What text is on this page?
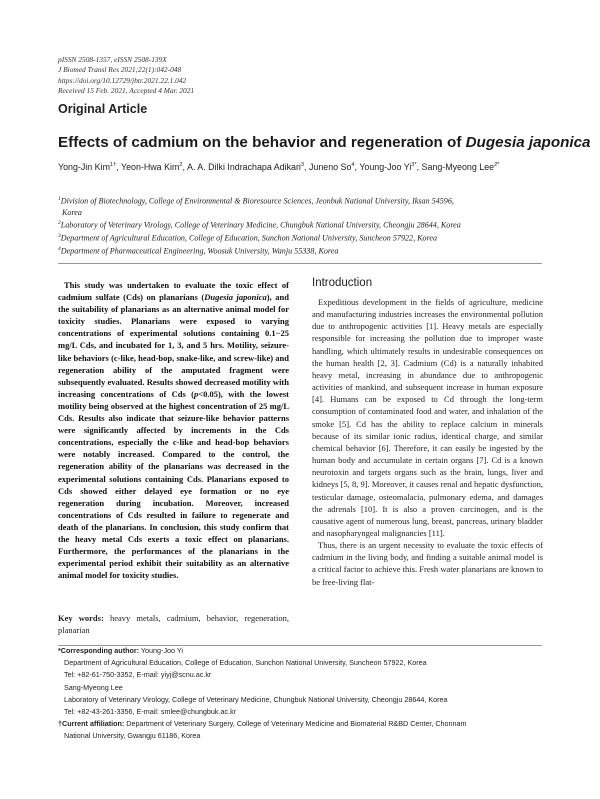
pISSN 2508-1357, eISSN 2508-139X
J Biomed Transl Res 2021;22(1):042-048
https://doi.org/10.12729/jbtr.2021.22.1.042
Received 15 Feb. 2021, Accepted 4 Mar. 2021
Original Article
Effects of cadmium on the behavior and regeneration of Dugesia japonica
Yong-Jin Kim$^{1\dagger}$, Yeon-Hwa Kim$^2$, A. A. Dilki Indrachapa Adikari$^3$, Juneno So$^4$, Young-Joo $Yi^{3*}$, Sang-Myeong Lee$^{2*}$
$^1$Division of Biotechnology, College of Environmental & Bioresource Sciences, Jeonbuk National University, Iksan 54596,
Korea
$^2$Laboratory of Veterinary Virology, College of Veterinary Medicine, Chungbuk National University, Cheongju 28644, Korea
$^3$Department of Agricultural Education, College of Education, Sunchon National University, Suncheon 57922, Korea
$^4$Department of Pharmaceutical Engineering, Woosuk University, Wanju 55338, Korea
This study was undertaken to evaluate the toxic effect of cadmium sulfate (Cds) on planarians (Dugesia japonica), and the suitability of planarians as an alternative animal model for toxicity studies. Planarians were exposed to varying concentrations of experimental solutions containing 0.1−25 mg/L Cds, and incubated for 1, 3, and 5 hrs. Motility, seizure-like behaviors (c-like, head-bop, snake-like, and screw-like) and regeneration ability of the amputated fragment were subsequently evaluated. Results showed decreased motility with increasing concentrations of Cds (p<0.05), with the lowest motility being observed at the highest concentration of 25 mg/L Cds. Results also indicate that seizure-like behavior patterns were significantly affected by increments in the Cds concentrations, especially the c-like and head-bop behaviors were notably increased. Compared to the control, the regeneration ability of the planarians was decreased in the experimental solutions containing Cds. Planarians exposed to Cds showed either delayed eye formation or no eye regeneration during incubation. Moreover, increased concentrations of Cds resulted in failure to regenerate and death of the planarians. In conclusion, this study confirm that the heavy metal Cds exerts a toxic effect on planarians. Furthermore, the performances of the planarians in the experimental period exhibit their suitability as an alternative animal model for toxicity studies.
Key words: heavy metals, cadmium, behavior, regeneration, planarian
Introduction

Expeditious development in the fields of agriculture, medicine and manufacturing industries increases the environmental pollution due to anthropogenic activities [1]. Heavy metals are especially responsible for increasing the pollution due to improper waste handling, which ultimately results in undesirable consequences on the human health [2, 3]. Cadmium (Cd) is a naturally inhabited heavy metal, increasing in abundance due to anthropogenic activities of mankind, and subsequent increase in human exposure [4]. Humans can be exposed to Cd through the long-term consumption of contaminated food and water, and inhalation of the smoke [5]. Cd has the ability to replace calcium in minerals because of its similar ionic radius, identical charge, and similar chemical behavior [6]. Therefore, it can easily be ingested by the human body and accumulate in certain organs [7]. Cd is a known neurotoxin and targets organs such as the brain, lungs, liver and kidneys [5, 8, 9]. Moreover, it causes renal and hepatic dysfunction, testicular damage, osteomalacia, pulmonary edema, and damages the adrenals [10]. It is also a proven carcinogen, and is the causative agent of numerous lung, breast, pancreas, urinary bladder and nasopharyngeal malignancies [11].

Thus, there is an urgent necessity to evaluate the toxic effects of cadmium in the living body, and finding a suitable animal model is a critical factor to achieve this. Fresh water planarians are known to be free-living flat-

*Corresponding author: Young-Joo Yi
Department of Agricultural Education, College of Education, Sunchon National University, Suncheon 57922, Korea
Tel: +82-61-750-3352, E-mail: yiyj@scnu.ac.kr
Sang-Myeong Lee
Laboratory of Veterinary Virology, College of Veterinary Medicine, Chungbuk National University, Cheongju 28644, Korea
Tel: +82-43-261-3356, E-mail: smlee@chungbuk.ac.kr
†Current affiliation: Department of Veterinary Surgery, College of Veterinary Medicine and Biomaterial R&BD Center, Chonnam
National University, Gwangju 61186, Korea
